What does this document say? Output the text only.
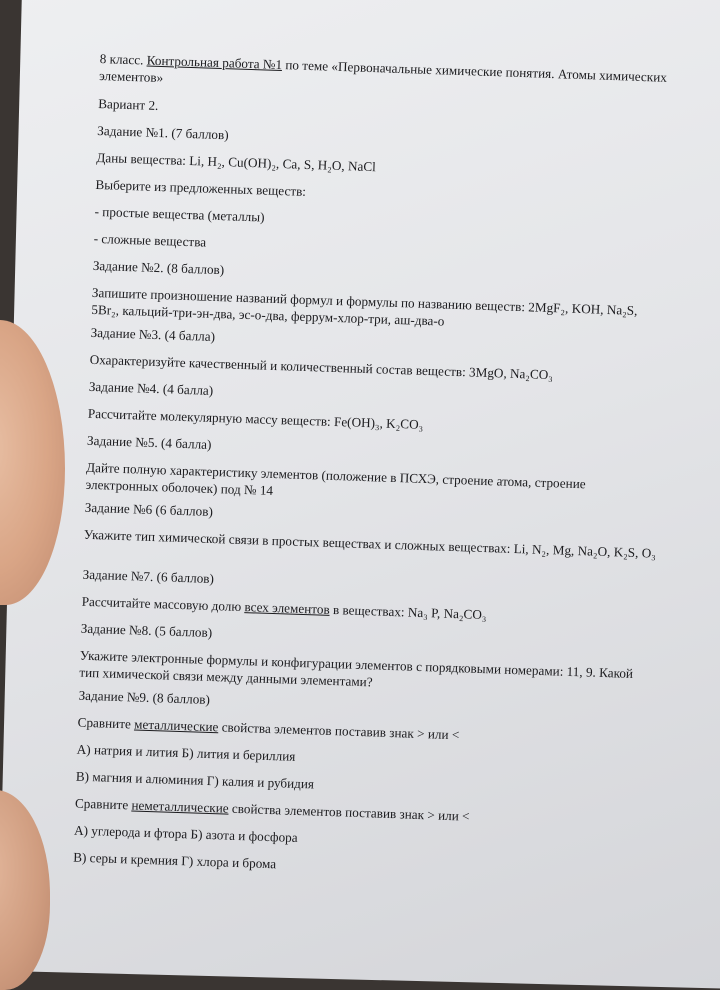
8 класс. Контрольная работа №1 по теме «Первоначальные химические понятия. Атомы химических элементов»
Вариант 2.
Задание №1. (7 баллов)
Даны вещества: Li, H₂, Cu(OH)₂, Ca, S, H₂O, NaCl
Выберите из предложенных веществ:
- простые вещества (металлы)
- сложные вещества
Задание №2. (8 баллов)
Запишите произношение названий формул и формулы по названию веществ: 2MgF₂, KOH, Na₂S, 5Br₂, кальций-три-эн-два, эс-о-два, феррум-хлор-три, аш-два-о
Задание №3. (4 балла)
Охарактеризуйте качественный и количественный состав веществ: 3MgO, Na₂CO₃
Задание №4. (4 балла)
Рассчитайте молекулярную массу веществ: Fe(OH)₃, K₂CO₃
Задание №5. (4 балла)
Дайте полную характеристику элементов (положение в ПСХЭ, строение атома, строение электронных оболочек) под № 14
Задание №6 (6 баллов)
Укажите тип химической связи в простых веществах и сложных веществах: Li, N₂, Mg, Na₂O, K₂S, O₃
Задание №7. (6 баллов)
Рассчитайте массовую долю всех элементов в веществах: Na₃ P, Na₂CO₃
Задание №8. (5 баллов)
Укажите электронные формулы и конфигурации элементов с порядковыми номерами: 11, 9. Какой тип химической связи между данными элементами?
Задание №9. (8 баллов)
Сравните металлические свойства элементов поставив знак > или <
А) натрия и лития Б) лития и бериллия
В) магния и алюминия Г) калия и рубидия
Сравните неметаллические свойства элементов поставив знак > или <
А) углерода и фтора Б) азота и фосфора
В) серы и кремния Г) хлора и брома
